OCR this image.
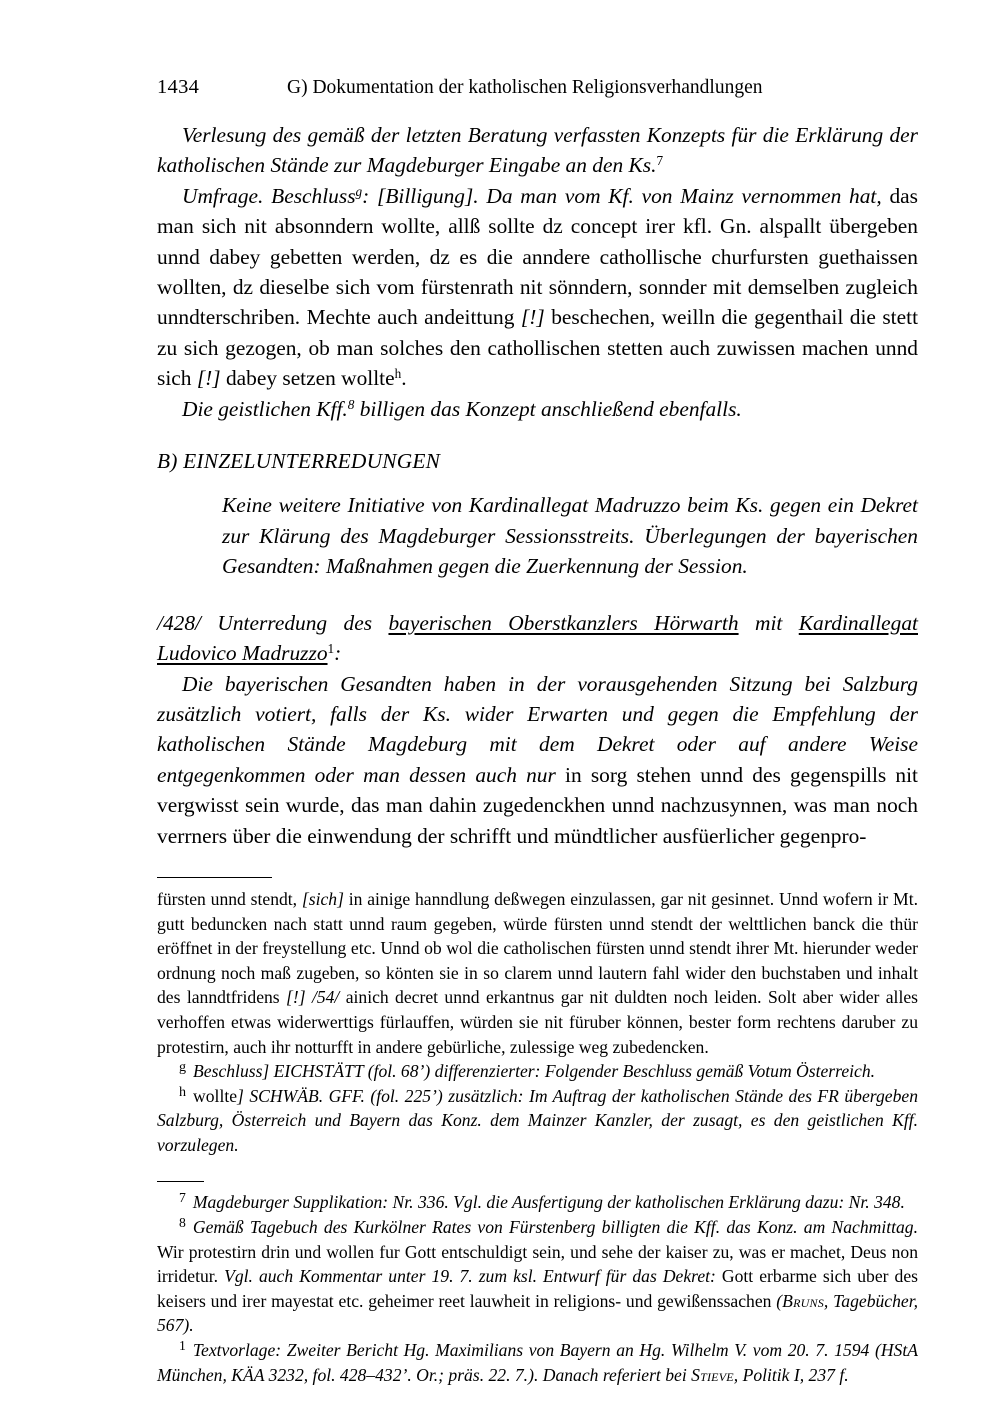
1434	G) Dokumentation der katholischen Religionsverhandlungen

Verlesung des gemäß der letzten Beratung verfassten Konzepts für die Erklärung der katholischen Stände zur Magdeburger Eingabe an den Ks.$^7$

Umfrage. Beschluss$^g$: [Billigung]. Da man vom Kf. von Mainz vernommen hat, das man sich nit absonndern wollte, allß sollte dz concept irer kfl. Gn. alspallt übergeben unnd dabey gebetten werden, dz es die anndere cathollische churfursten guethaissen wollten, dz dieselbe sich vom fürstenrath nit sönndern, sonnder mit demselben zugleich unndterschriben. Mechte auch andeittung [!] beschechen, weilln die gegenthail die stett zu sich gezogen, ob man solches den cathollischen stetten auch zuwissen machen unnd sich [!] dabey setzen wollte$^h$.

Die geistlichen Kff.$^8$ billigen das Konzept anschließend ebenfalls.

B) EINZELUNTERREDUNGEN
Keine weitere Initiative von Kardinallegat Madruzzo beim Ks. gegen ein Dekret zur Klärung des Magdeburger Sessionsstreits. Überlegungen der bayerischen Gesandten: Maßnahmen gegen die Zuerkennung der Session.
/428/ Unterredung des bayerischen Oberstkanzlers Hörwarth mit Kardinallegat Ludovico Madruzzo$^1$:

Die bayerischen Gesandten haben in der vorausgehenden Sitzung bei Salzburg zusätzlich votiert, falls der Ks. wider Erwarten und gegen die Empfehlung der katholischen Stände Magdeburg mit dem Dekret oder auf andere Weise entgegenkommen oder man dessen auch nur in sorg stehen unnd des gegenspills nit vergwisst sein wurde, das man dahin zugedenckhen unnd nachzusynnen, was man noch verrners über die einwendung der schrifft und mündtlicher ausfüerlicher gegenpro-

fürsten unnd stendt, [sich] in ainige hanndlung deßwegen einzulassen, gar nit gesinnet. Unnd wofern ir Mt. gutt beduncken nach statt unnd raum gegeben, würde fürsten unnd stendt der welttlichen banck die thür eröffnet in der freystellung etc. Unnd ob wol die catholischen fürsten unnd stendt ihrer Mt. hierunder weder ordnung noch maß zugeben, so könten sie in so clarem unnd lautern fahl wider den buchstaben und inhalt des lanndtfridens [!] /54/ ainich decret unnd erkantnus gar nit duldten noch leiden. Solt aber wider alles verhoffen etwas widerwerttigs fürlauffen, würden sie nit füruber können, bester form rechtens daruber zu protestirn, auch ihr notturfft in andere gebürliche, zulessige weg zubedencken.

$^g$ Beschluss] EICHSTÄTT (fol. 68’) differenzierter: Folgender Beschluss gemäß Votum Österreich.

$^h$ wollte] SCHWÄB. GFF. (fol. 225’) zusätzlich: Im Auftrag der katholischen Stände des FR übergeben Salzburg, Österreich und Bayern das Konz. dem Mainzer Kanzler, der zusagt, es den geistlichen Kff. vorzulegen.

$^7$ Magdeburger Supplikation: Nr. 336. Vgl. die Ausfertigung der katholischen Erklärung dazu: Nr. 348.

$^8$ Gemäß Tagebuch des Kurkölner Rates von Fürstenberg billigten die Kff. das Konz. am Nachmittag. Wir protestirn drin und wollen fur Gott entschuldigt sein, und sehe der kaiser zu, was er machet, Deus non irridetur. Vgl. auch Kommentar unter 19. 7. zum ksl. Entwurf für das Dekret: Gott erbarme sich uber des keisers und irer mayestat etc. geheimer reet lauwheit in religions- und gewißenssachen (Bruns, Tagebücher, 567).

$^1$ Textvorlage: Zweiter Bericht Hg. Maximilians von Bayern an Hg. Wilhelm V. vom 20. 7. 1594 (HStA München, KÄA 3232, fol. 428–432’. Or.; präs. 22. 7.). Danach referiert bei Stieve, Politik I, 237 f.
